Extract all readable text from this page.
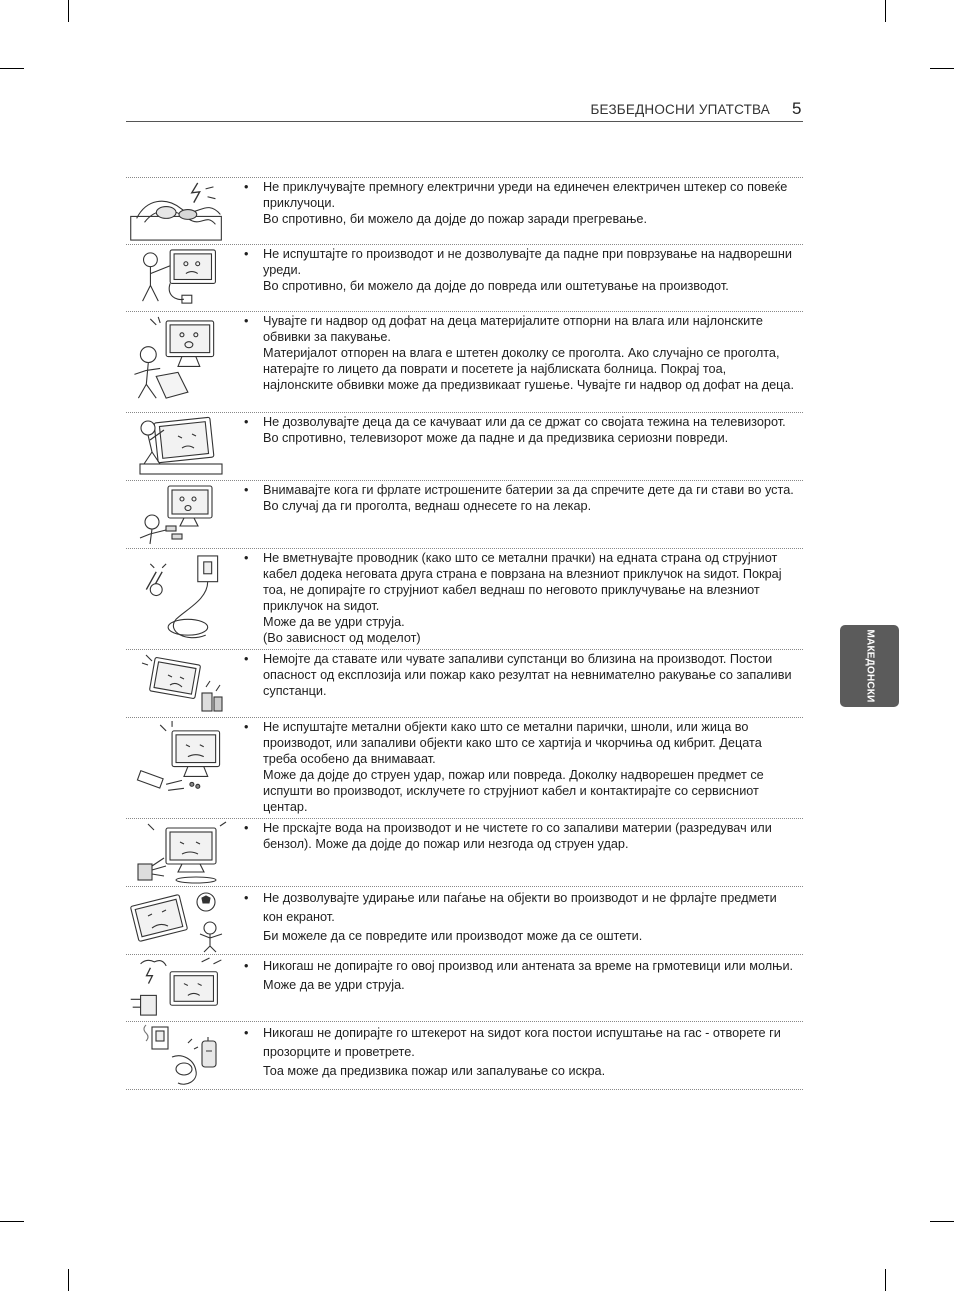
БЕЗБЕДНОСНИ УПАТСТВА 5
МАКЕДОНСКИ
• Не приклучувајте премногу електрични уреди на единечен електричен штекер со повеќе приклучоци.
Во спротивно, би можело да дојде до пожар заради прегревање.
• Не испуштајте го производот и не дозволувајте да падне при поврзување на надворешни уреди.
Во спротивно, би можело да дојде до повреда или оштетување на производот.
• Чувајте ги надвор од дофат на деца материјалите отпорни на влага или најлонските обвивки за пакување.
Материјалот отпорен на влага е штетен доколку се проголта. Ако случајно се проголта, натерајте го лицето да поврати и посетете ја најблиската болница. Покрај тоа, најлонските обвивки може да предизвикаат гушење. Чувајте ги надвор од дофат на деца.
• Не дозволувајте деца да се качуваат или да се држат со својата тежина на телевизорот.
Во спротивно, телевизорот може да падне и да предизвика сериозни повреди.
• Внимавајте кога ги фрлате истрошените батерии за да спречите дете да ги стави во уста.
Во случај да ги проголта, веднаш однесете го на лекар.
• Не вметнувајте проводник (како што се метални прачки) на едната страна од струјниот кабел додека неговата друга страна е поврзана на влезниот приклучок на ѕидот. Покрај тоа, не допирајте го струјниот кабел веднаш по неговото приклучување на влезниот приклучок на ѕидот.
Може да ве удри струја.
(Во зависност од моделот)
• Немојте да ставате или чувате запаливи супстанци во близина на производот. Постои опасност од експлозија или пожар како резултат на невнимателно ракување со запаливи супстанци.
• Не испуштајте метални објекти како што се метални парички, шноли, или жица во производот, или запаливи објекти како што се хартија и чкорчиња од кибрит. Децата треба особено да внимаваат.
Може да дојде до струен удар, пожар или повреда. Доколку надворешен предмет се испушти во производот, исклучете го струјниот кабел и контактирајте со сервисниот центар.
• Не прскајте вода на производот и не чистете го со запаливи материи (разредувач или бензол). Може да дојде до пожар или незгода од струен удар.
• Не дозволувајте удирање или паѓање на објекти во производот и не фрлајте предмети кон екранот.
Би можеле да се повредите или производот може да се оштети.
• Никогаш не допирајте го овој производ или антената за време на грмотевици или молњи.
Може да ве удри струја.
• Никогаш не допирајте го штекерот на ѕидот кога постои испуштање на гас - отворете ги прозорците и проветрете.
Тоа може да предизвика пожар или запалување со искра.
